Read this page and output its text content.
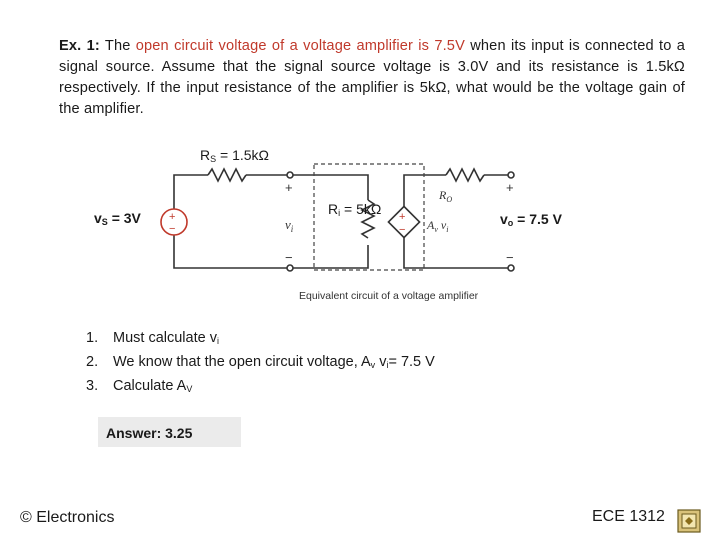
Ex. 1: The open circuit voltage of a voltage amplifier is 7.5V when its input is connected to a signal source. Assume that the signal source voltage is 3.0V and its resistance is 1.5kΩ respectively. If the input resistance of the amplifier is 5kΩ, what would be the voltage gain of the amplifier.
$R_S = 1.5k\Omega$
$v_S = 3V$	+
−
+
−
+
−
$v_i$
$R_O$
$A_v$ $v_i$
+
−
$R_i = 5k\Omega$
$v_o = 7.5$ V
Equivalent circuit of a voltage amplifier
1. Must calculate $v_i$
2. We know that the open circuit voltage, $A_v$ $v_i= 7.5$ V
3. Calculate $A_V$
Answer: 3.25
© Electronics	ECE 1312
